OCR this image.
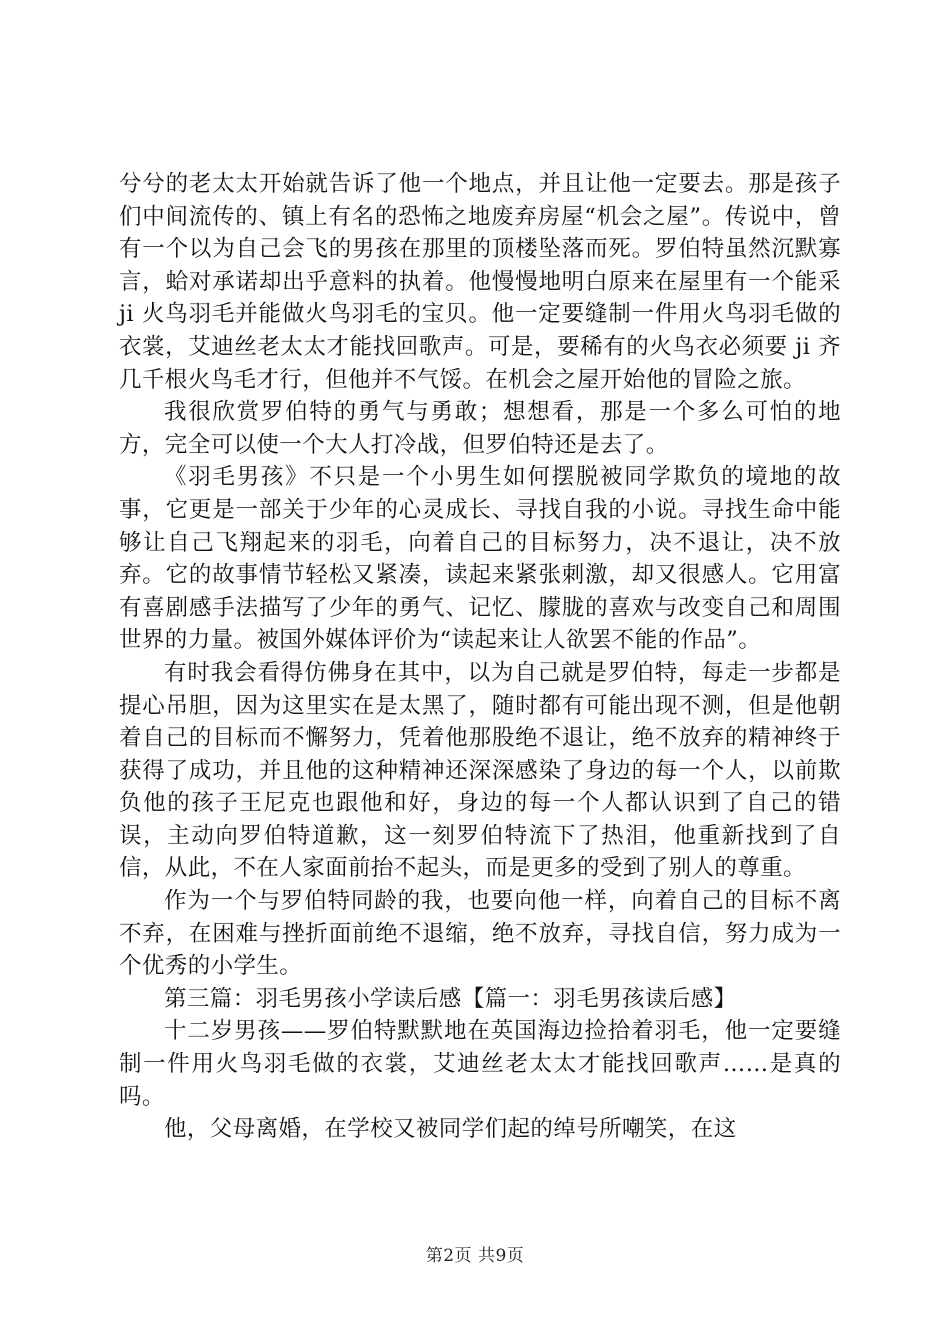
兮兮的老太太开始就告诉了他一个地点，并且让他一定要去。那是孩子们中间流传的、镇上有名的恐怖之地废弃房屋“机会之屋”。传说中，曾有一个以为自己会飞的男孩在那里的顶楼坠落而死。罗伯特虽然沉默寡言，蛤对承诺却出乎意料的执着。他慢慢地明白原来在屋里有一个能采 ji 火鸟羽毛并能做火鸟羽毛的宝贝。他一定要缝制一件用火鸟羽毛做的衣裳，艾迪丝老太太才能找回歌声。可是，要稀有的火鸟衣必须要 ji 齐几千根火鸟毛才行，但他并不气馁。在机会之屋开始他的冒险之旅。

我很欣赏罗伯特的勇气与勇敢；想想看，那是一个多么可怕的地方，完全可以使一个大人打冷战，但罗伯特还是去了。

《羽毛男孩》不只是一个小男生如何摆脱被同学欺负的境地的故事，它更是一部关于少年的心灵成长、寻找自我的小说。寻找生命中能够让自己飞翔起来的羽毛，向着自己的目标努力，决不退让，决不放弃。它的故事情节轻松又紧凑，读起来紧张刺激，却又很感人。它用富有喜剧感手法描写了少年的勇气、记忆、朦胧的喜欢与改变自己和周围世界的力量。被国外媒体评价为“读起来让人欲罢不能的作品”。

有时我会看得仿佛身在其中，以为自己就是罗伯特，每走一步都是提心吊胆，因为这里实在是太黑了，随时都有可能出现不测，但是他朝着自己的目标而不懈努力，凭着他那股绝不退让，绝不放弃的精神终于获得了成功，并且他的这种精神还深深感染了身边的每一个人，以前欺负他的孩子王尼克也跟他和好，身边的每一个人都认识到了自己的错误，主动向罗伯特道歉，这一刻罗伯特流下了热泪，他重新找到了自信，从此，不在人家面前抬不起头，而是更多的受到了别人的尊重。

作为一个与罗伯特同龄的我，也要向他一样，向着自己的目标不离不弃，在困难与挫折面前绝不退缩，绝不放弃，寻找自信，努力成为一个优秀的小学生。

第三篇：羽毛男孩小学读后感【篇一：羽毛男孩读后感】

十二岁男孩——罗伯特默默地在英国海边捡拾着羽毛，他一定要缝制一件用火鸟羽毛做的衣裳，艾迪丝老太太才能找回歌声……是真的吗。

他，父母离婚，在学校又被同学们起的绰号所嘲笑，在这

第2页 共9页
